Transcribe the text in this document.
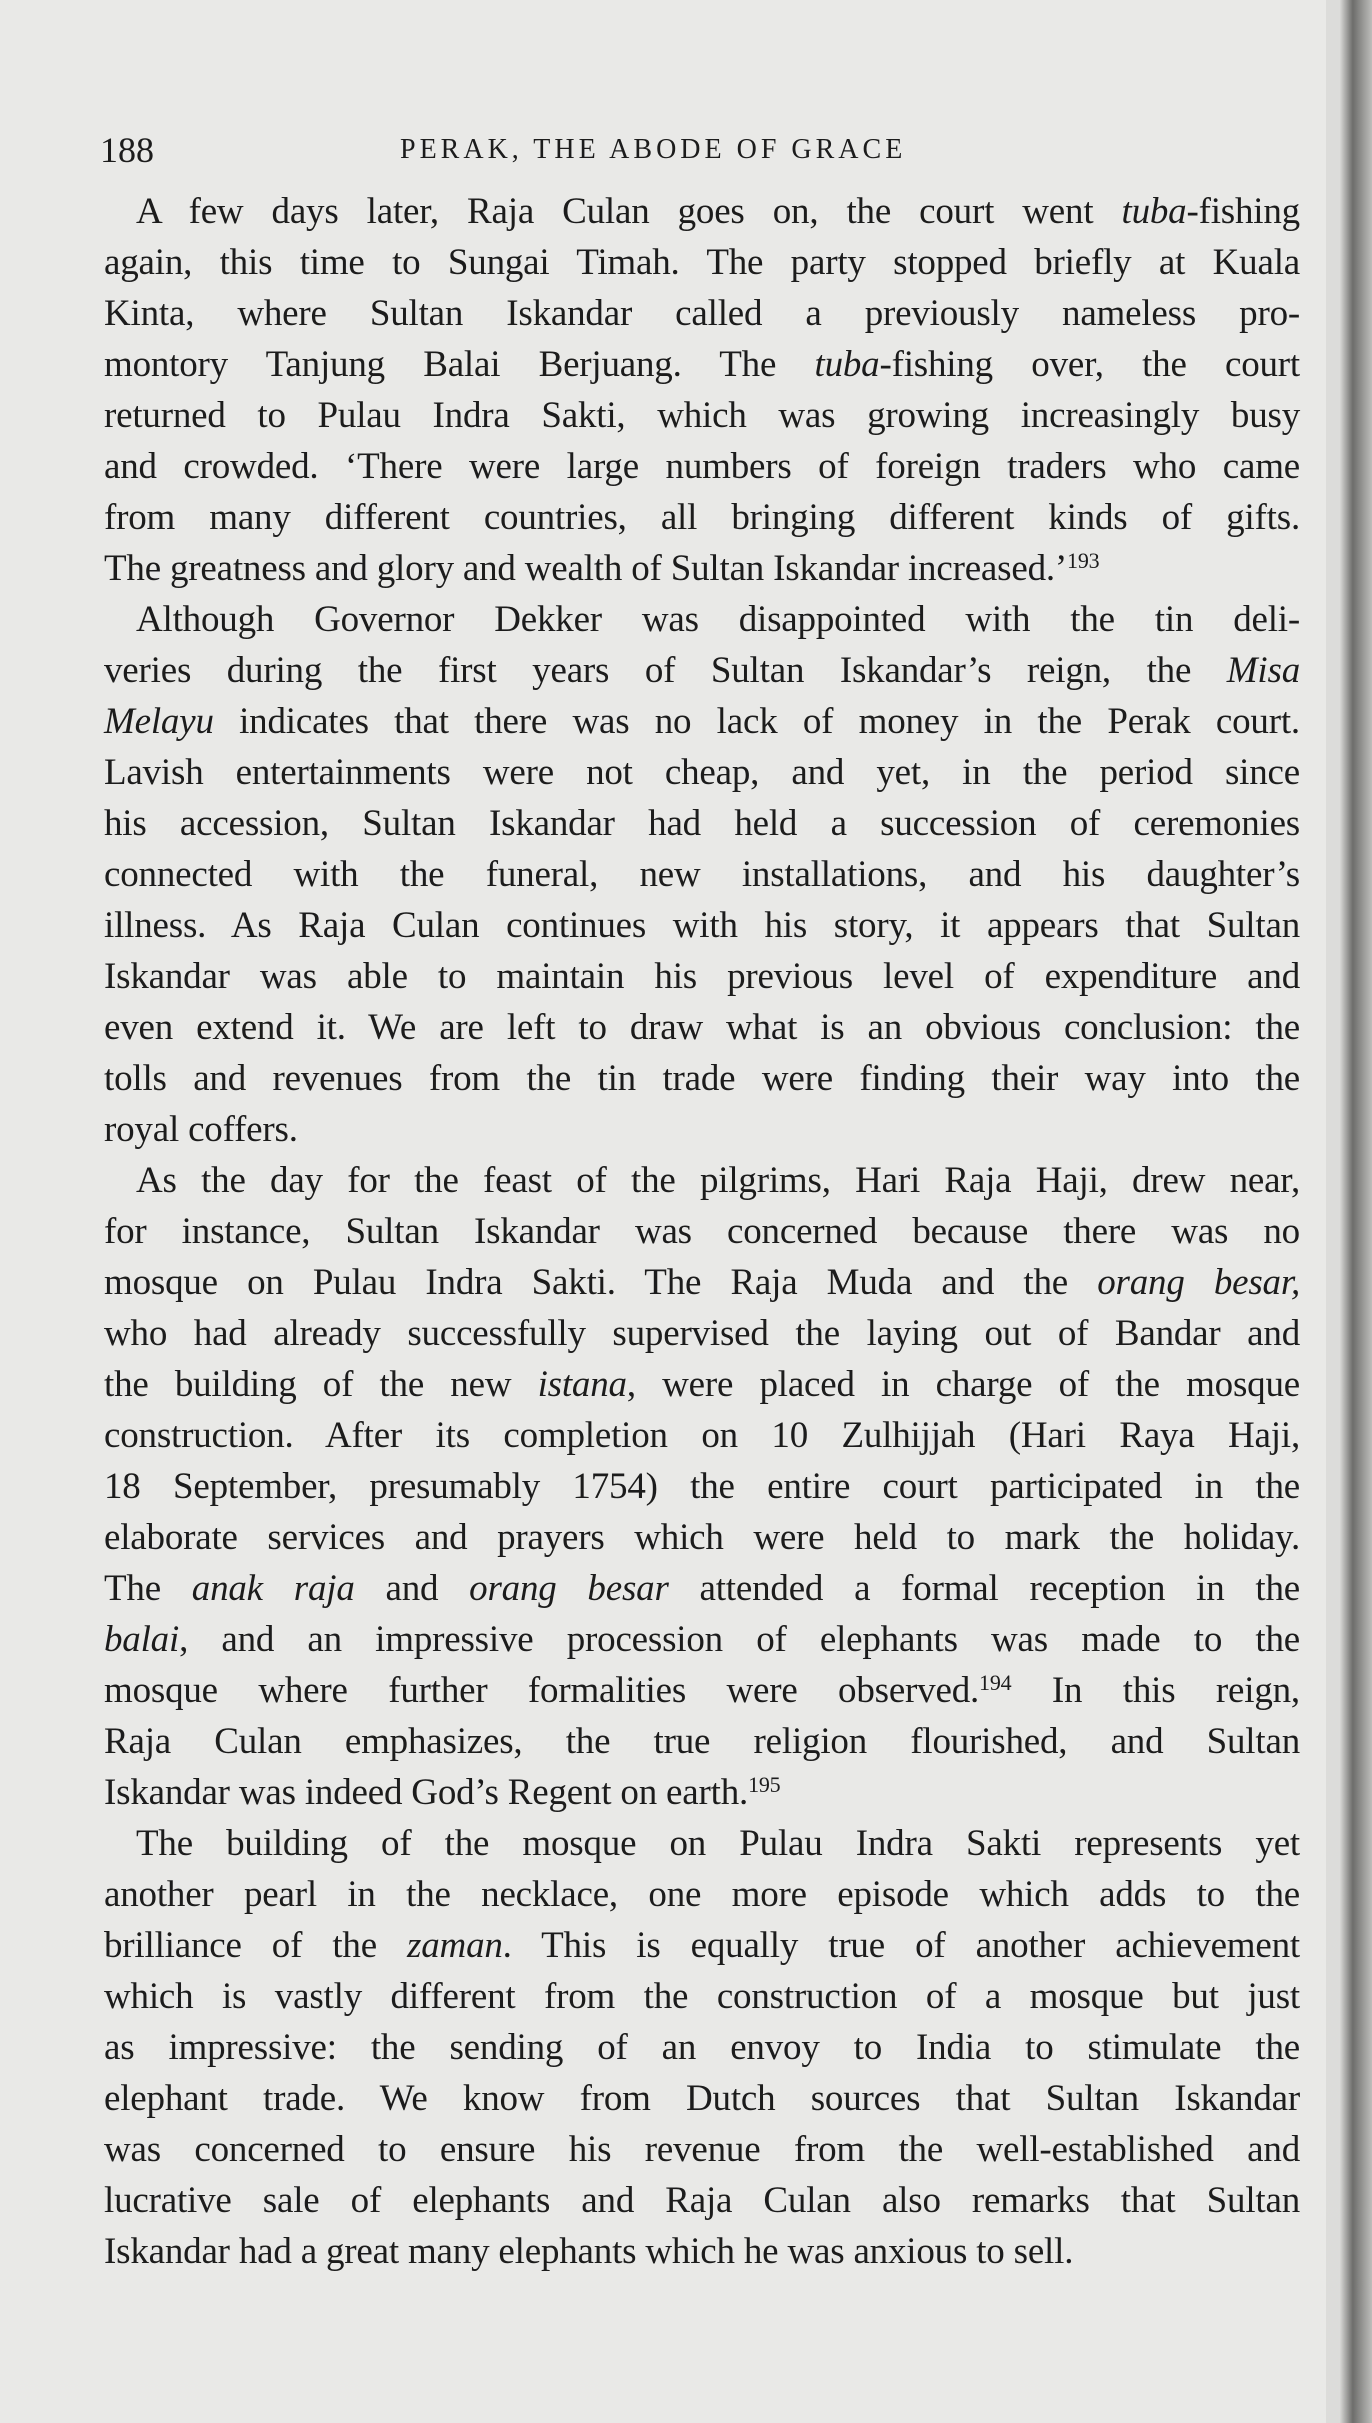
188	PERAK, THE ABODE OF GRACE
A few days later, Raja Culan goes on, the court went tuba-fishing
again, this time to Sungai Timah. The party stopped briefly at Kuala
Kinta, where Sultan Iskandar called a previously nameless pro-
montory Tanjung Balai Berjuang. The tuba-fishing over, the court
returned to Pulau Indra Sakti, which was growing increasingly busy
and crowded. ‘There were large numbers of foreign traders who came
from many different countries, all bringing different kinds of gifts.
The greatness and glory and wealth of Sultan Iskandar increased.’$^{193}$
Although Governor Dekker was disappointed with the tin deli-
veries during the first years of Sultan Iskandar’s reign, the Misa
Melayu indicates that there was no lack of money in the Perak court.
Lavish entertainments were not cheap, and yet, in the period since
his accession, Sultan Iskandar had held a succession of ceremonies
connected with the funeral, new installations, and his daughter’s
illness. As Raja Culan continues with his story, it appears that Sultan
Iskandar was able to maintain his previous level of expenditure and
even extend it. We are left to draw what is an obvious conclusion: the
tolls and revenues from the tin trade were finding their way into the
royal coffers.
As the day for the feast of the pilgrims, Hari Raja Haji, drew near,
for instance, Sultan Iskandar was concerned because there was no
mosque on Pulau Indra Sakti. The Raja Muda and the orang besar,
who had already successfully supervised the laying out of Bandar and
the building of the new istana, were placed in charge of the mosque
construction. After its completion on 10 Zulhijjah (Hari Raya Haji,
18 September, presumably 1754) the entire court participated in the
elaborate services and prayers which were held to mark the holiday.
The anak raja and orang besar attended a formal reception in the
balai, and an impressive procession of elephants was made to the
mosque where further formalities were observed.$^{194}$ In this reign,
Raja Culan emphasizes, the true religion flourished, and Sultan
Iskandar was indeed God’s Regent on earth.$^{195}$
The building of the mosque on Pulau Indra Sakti represents yet
another pearl in the necklace, one more episode which adds to the
brilliance of the zaman. This is equally true of another achievement
which is vastly different from the construction of a mosque but just
as impressive: the sending of an envoy to India to stimulate the
elephant trade. We know from Dutch sources that Sultan Iskandar
was concerned to ensure his revenue from the well-established and
lucrative sale of elephants and Raja Culan also remarks that Sultan
Iskandar had a great many elephants which he was anxious to sell.
